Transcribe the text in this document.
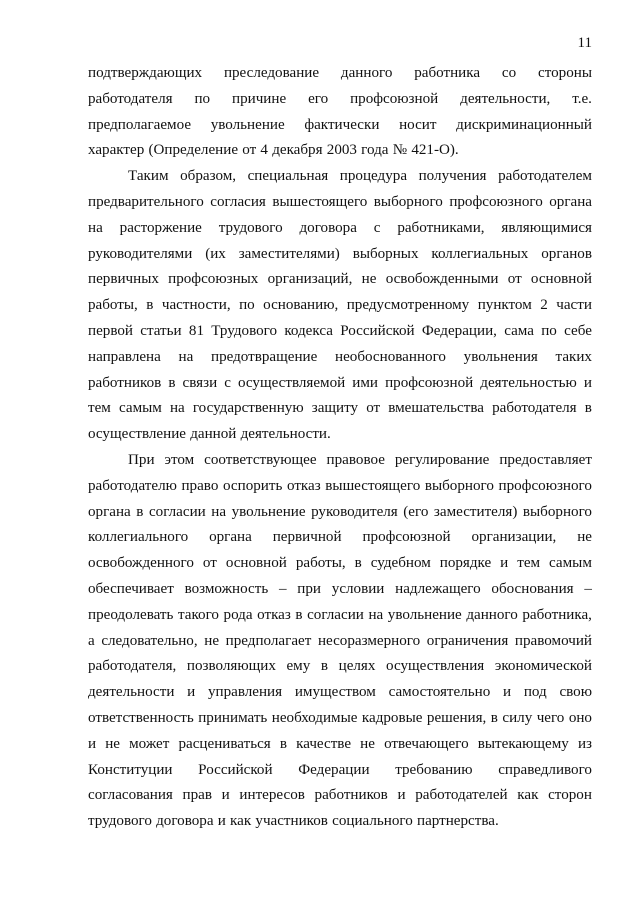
11
подтверждающих преследование данного работника со стороны
работодателя по причине его профсоюзной деятельности, т.е.
предполагаемое увольнение фактически носит дискриминационный
характер (Определение от 4 декабря 2003 года № 421-О).
Таким образом, специальная процедура получения работодателем
предварительного согласия вышестоящего выборного профсоюзного органа
на расторжение трудового договора с работниками, являющимися
руководителями (их заместителями) выборных коллегиальных органов
первичных профсоюзных организаций, не освобожденными от основной
работы, в частности, по основанию, предусмотренному пунктом 2 части
первой статьи 81 Трудового кодекса Российской Федерации, сама по себе
направлена на предотвращение необоснованного увольнения таких
работников в связи с осуществляемой ими профсоюзной деятельностью и
тем самым на государственную защиту от вмешательства работодателя в
осуществление данной деятельности.
При этом соответствующее правовое регулирование предоставляет
работодателю право оспорить отказ вышестоящего выборного профсоюзного
органа в согласии на увольнение руководителя (его заместителя) выборного
коллегиального органа первичной профсоюзной организации, не
освобожденного от основной работы, в судебном порядке и тем самым
обеспечивает возможность – при условии надлежащего обоснования –
преодолевать такого рода отказ в согласии на увольнение данного работника,
а следовательно, не предполагает несоразмерного ограничения правомочий
работодателя, позволяющих ему в целях осуществления экономической
деятельности и управления имуществом самостоятельно и под свою
ответственность принимать необходимые кадровые решения, в силу чего оно
и не может расцениваться в качестве не отвечающего вытекающему из
Конституции Российской Федерации требованию справедливого
согласования прав и интересов работников и работодателей как сторон
трудового договора и как участников социального партнерства.
